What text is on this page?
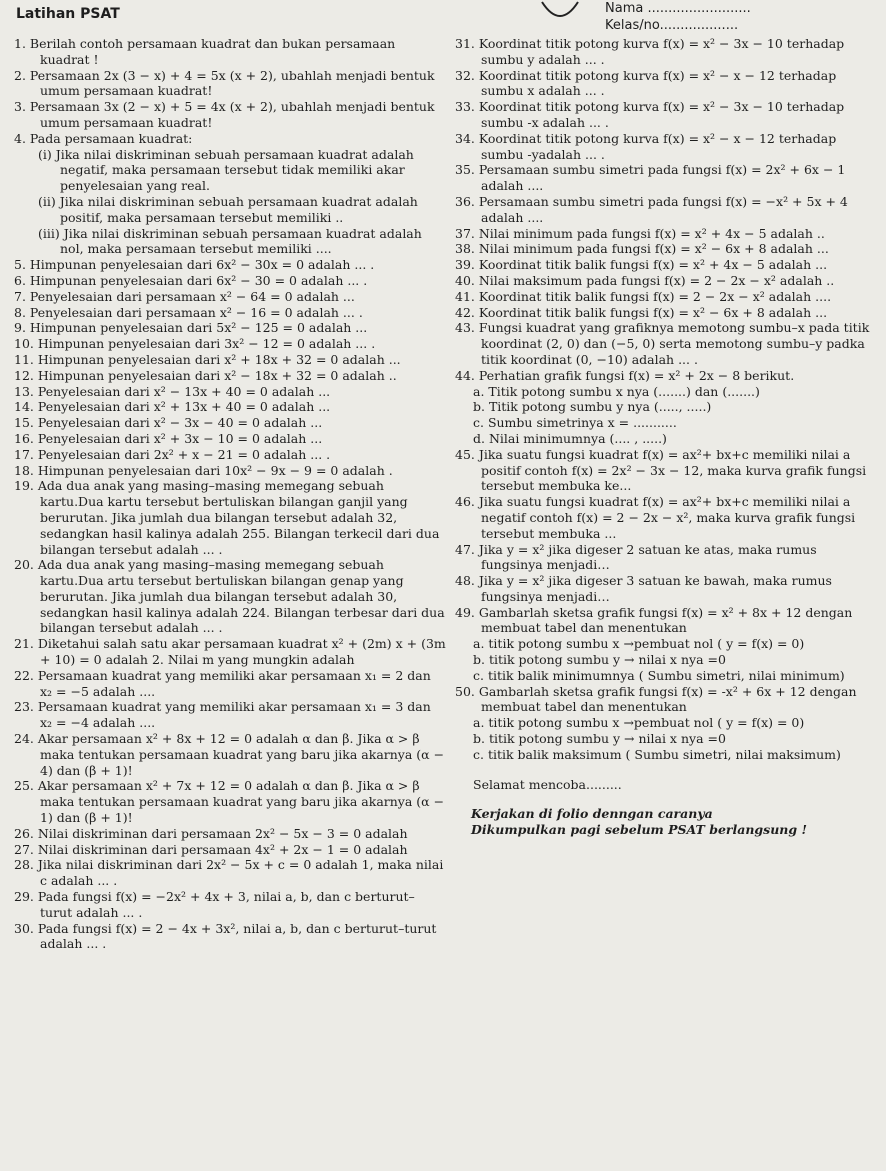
Latihan PSAT	Nama .........................
Kelas/no...................

1. Berilah contoh persamaan kuadrat dan bukan persamaan kuadrat !

2. Persamaan 2x (3 − x) + 4 = 5x (x + 2), ubahlah menjadi bentuk umum persamaan kuadrat!

3. Persamaan 3x (2 − x) + 5 = 4x (x + 2), ubahlah menjadi bentuk umum persamaan kuadrat!

4. Pada persamaan kuadrat:

(i) Jika nilai diskriminan sebuah persamaan kuadrat adalah negatif, maka persamaan tersebut tidak memiliki akar penyelesaian yang real.

(ii) Jika nilai diskriminan sebuah persamaan kuadrat adalah positif, maka persamaan tersebut memiliki ..

(iii) Jika nilai diskriminan sebuah persamaan kuadrat adalah nol, maka persamaan tersebut memiliki ....

5. Himpunan penyelesaian dari 6x² − 30x = 0 adalah ... .

6. Himpunan penyelesaian dari 6x² − 30 = 0 adalah ... .

7. Penyelesaian dari persamaan x² − 64 = 0 adalah ...

8. Penyelesaian dari persamaan x² − 16 = 0 adalah ... .

9. Himpunan penyelesaian dari 5x² − 125 = 0 adalah ...

10. Himpunan penyelesaian dari 3x² − 12 = 0 adalah ... .

11. Himpunan penyelesaian dari x² + 18x + 32 = 0 adalah ...

12. Himpunan penyelesaian dari x² − 18x + 32 = 0 adalah ..

13. Penyelesaian dari x² − 13x + 40 = 0 adalah ...

14. Penyelesaian dari x² + 13x + 40 = 0 adalah ...

15. Penyelesaian dari x² − 3x − 40 = 0 adalah ...

16. Penyelesaian dari x² + 3x − 10 = 0 adalah ...

17. Penyelesaian dari 2x² + x − 21 = 0 adalah ... .

18. Himpunan penyelesaian dari 10x² − 9x − 9 = 0 adalah .

19. Ada dua anak yang masing–masing memegang sebuah kartu.Dua kartu tersebut bertuliskan bilangan ganjil yang berurutan. Jika jumlah dua bilangan tersebut adalah 32, sedangkan hasil kalinya adalah 255. Bilangan terkecil dari dua bilangan tersebut adalah ... .

20. Ada dua anak yang masing–masing memegang sebuah kartu.Dua artu tersebut bertuliskan bilangan genap yang berurutan. Jika jumlah dua bilangan tersebut adalah 30, sedangkan hasil kalinya adalah 224. Bilangan terbesar dari dua bilangan tersebut adalah ... .

21. Diketahui salah satu akar persamaan kuadrat x² + (2m) x + (3m + 10) = 0 adalah 2. Nilai m yang mungkin adalah

22. Persamaan kuadrat yang memiliki akar persamaan x₁ = 2 dan x₂ = −5 adalah ....

23. Persamaan kuadrat yang memiliki akar persamaan x₁ = 3 dan x₂ = −4 adalah ....

24. Akar persamaan x² + 8x + 12 = 0 adalah α dan β. Jika α > β maka tentukan persamaan kuadrat yang baru jika akarnya (α − 4) dan (β + 1)!

25. Akar persamaan x² + 7x + 12 = 0 adalah α dan β. Jika α > β maka tentukan persamaan kuadrat yang baru jika akarnya (α − 1) dan (β + 1)!

26. Nilai diskriminan dari persamaan 2x² − 5x − 3 = 0 adalah

27. Nilai diskriminan dari persamaan 4x² + 2x − 1 = 0 adalah

28. Jika nilai diskriminan dari 2x² − 5x + c = 0 adalah 1, maka nilai c adalah ... .

29. Pada fungsi f(x) = −2x² + 4x + 3, nilai a, b, dan c berturut–turut adalah ... .

30. Pada fungsi f(x) = 2 − 4x + 3x², nilai a, b, dan c berturut–turut adalah ... .

31. Koordinat titik potong kurva f(x) = x² − 3x − 10 terhadap sumbu y adalah ... .

32. Koordinat titik potong kurva f(x) = x² − x − 12 terhadap sumbu x adalah ... .

33. Koordinat titik potong kurva f(x) = x² − 3x − 10 terhadap sumbu -x adalah ... .

34. Koordinat titik potong kurva f(x) = x² − x − 12 terhadap sumbu -yadalah ... .

35. Persamaan sumbu simetri pada fungsi f(x) = 2x² + 6x − 1 adalah ....

36. Persamaan sumbu simetri pada fungsi f(x) = −x² + 5x + 4 adalah ....

37. Nilai minimum pada fungsi f(x) = x² + 4x − 5 adalah ..

38. Nilai minimum pada fungsi f(x) = x² − 6x + 8 adalah ...

39. Koordinat titik balik fungsi f(x) = x² + 4x − 5 adalah ...

40. Nilai maksimum pada fungsi f(x) = 2 − 2x − x² adalah ..

41. Koordinat titik balik fungsi f(x) = 2 − 2x − x² adalah ....

42. Koordinat titik balik fungsi f(x) = x² − 6x + 8 adalah ...

43. Fungsi kuadrat yang grafiknya memotong sumbu–x pada titik koordinat (2, 0) dan (−5, 0) serta memotong sumbu–y padka titik koordinat (0, −10) adalah ... .

44. Perhatian grafik fungsi f(x) = x² + 2x − 8 berikut.

a. Titik potong sumbu x nya (.......) dan (.......)

b. Titik potong sumbu y nya (....., .....)

c. Sumbu simetrinya x = ...........

d. Nilai minimumnya (.... , .....)

45. Jika suatu fungsi kuadrat f(x) = ax²+ bx+c memiliki nilai a positif contoh f(x) = 2x² − 3x − 12, maka kurva grafik fungsi tersebut membuka ke...

46. Jika suatu fungsi kuadrat f(x) = ax²+ bx+c memiliki nilai a negatif contoh f(x) = 2 − 2x − x², maka kurva grafik fungsi tersebut membuka ...

47. Jika y = x² jika digeser 2 satuan ke atas, maka rumus fungsinya menjadi…

48. Jika y = x² jika digeser 3 satuan ke bawah, maka rumus fungsinya menjadi…

49. Gambarlah sketsa grafik fungsi f(x) = x² + 8x + 12 dengan membuat tabel dan menentukan

a. titik potong sumbu x →pembuat nol ( y = f(x) = 0)

b. titik potong sumbu y → nilai x nya =0

c. titik balik minimumnya ( Sumbu simetri, nilai minimum)

50. Gambarlah sketsa grafik fungsi f(x) = -x² + 6x + 12 dengan membuat tabel dan menentukan

a. titik potong sumbu x →pembuat nol ( y = f(x) = 0)

b. titik potong sumbu y → nilai x nya =0

c. titik balik maksimum ( Sumbu simetri, nilai maksimum)

Selamat mencoba.........

Kerjakan di folio denngan caranya

Dikumpulkan pagi sebelum PSAT berlangsung !
